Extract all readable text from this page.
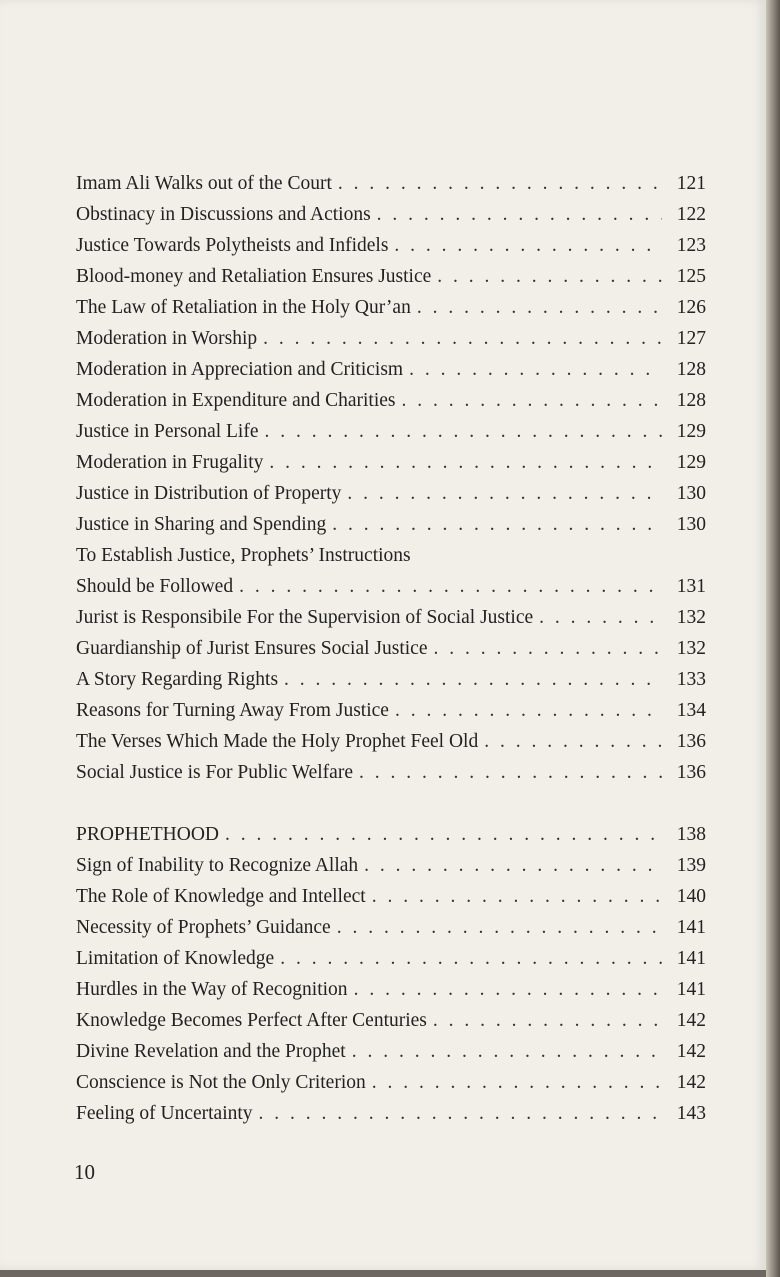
Imam Ali Walks out of the Court . . .	121
Obstinacy in Discussions and Actions . . .	122
Justice Towards Polytheists and Infidels . . .	123
Blood-money and Retaliation Ensures Justice . . .	125
The Law of Retaliation in the Holy Qur’an . . .	126
Moderation in Worship . . .	127
Moderation in Appreciation and Criticism . . .	128
Moderation in Expenditure and Charities . . .	128
Justice in Personal Life . . .	129
Moderation in Frugality . . .	129
Justice in Distribution of Property . . .	130
Justice in Sharing and Spending . . .	130
To Establish Justice, Prophets’ Instructions
Should be Followed . . .	131
Jurist is Responsibile For the Supervision of Social Justice . . .	132
Guardianship of Jurist Ensures Social Justice . . .	132
A Story Regarding Rights . . .	133
Reasons for Turning Away From Justice . . .	134
The Verses Which Made the Holy Prophet Feel Old . . .	136
Social Justice is For Public Welfare . . .	136
PROPHETHOOD . . .	138
Sign of Inability to Recognize Allah . . .	139
The Role of Knowledge and Intellect . . .	140
Necessity of Prophets’ Guidance . . .	141
Limitation of Knowledge . . .	141
Hurdles in the Way of Recognition . . .	141
Knowledge Becomes Perfect After Centuries . . .	142
Divine Revelation and the Prophet . . .	142
Conscience is Not the Only Criterion . . .	142
Feeling of Uncertainty . . .	143
10
